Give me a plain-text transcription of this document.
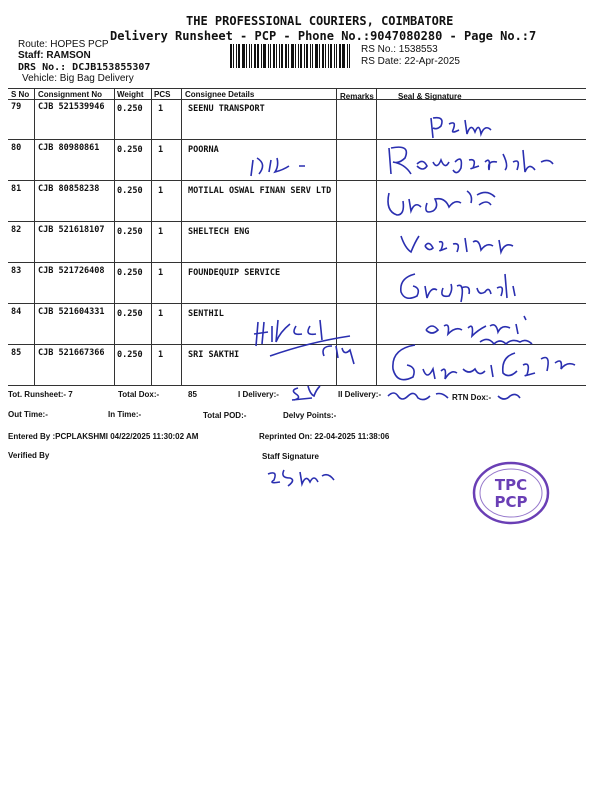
THE PROFESSIONAL COURIERS, COIMBATORE
Delivery Runsheet - PCP - Phone No.:9047080280 - Page No.:7
Route: HOPES PCP
Staff: RAMSON
DRS No.: DCJB153855307
Vehicle: Big Bag Delivery
RS No.: 1538553
RS Date: 22-Apr-2025
S No Consignment No Weight PCS Consignee Details	Remarks	Seal & Signature
79 CJB 521539946 0.250 1	SEENU TRANSPORT
80 CJB 80980861 0.250 1	POORNA
81 CJB 80858238 0.250 1	MOTILAL OSWAL FINAN SERV LTD
82 CJB 521618107 0.250 1	SHELTECH ENG
83 CJB 521726408 0.250 1	FOUNDEQUIP SERVICE
84 CJB 521604331 0.250 1	SENTHIL
85 CJB 521667366 0.250 1	SRI SAKTHI
Tot. Runsheet:- 7	Total Dox:-	85	I Delivery:-	II Delivery:-	RTN Dox:-
Out Time:-	In Time:-	Total POD:-	Delvy Points:-
Entered By :PCPLAKSHMI 04/22/2025 11:30:02 AM	Reprinted On: 22-04-2025 11:38:06
Verified By	Staff Signature
TPC
PCP
